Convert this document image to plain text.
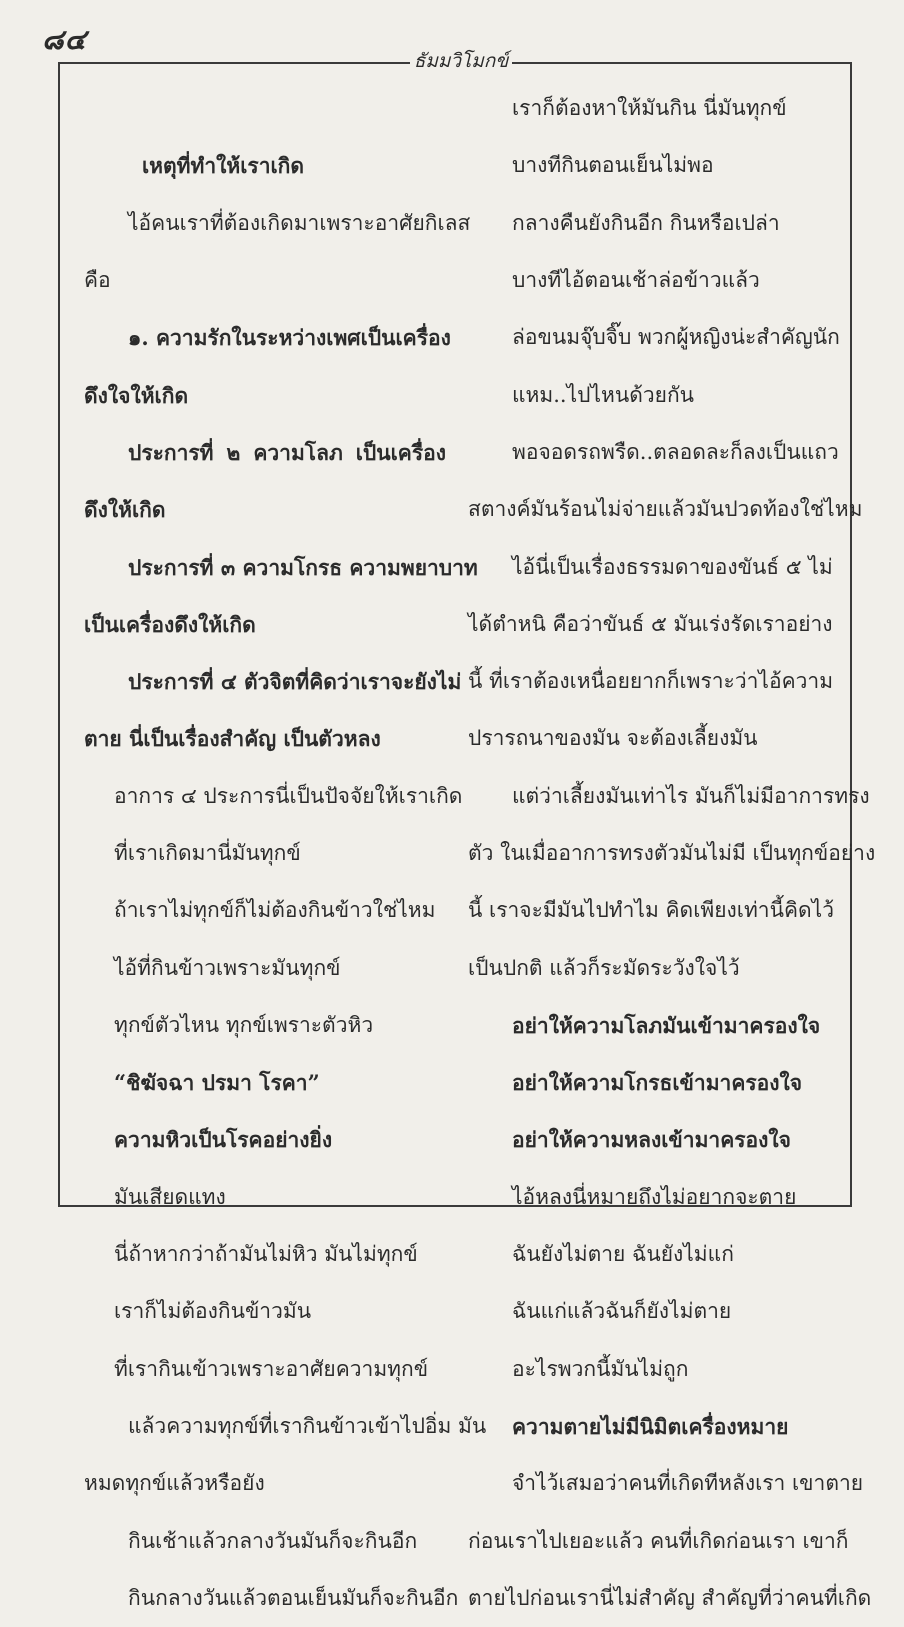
๘๔
ธัมมวิโมกข์
เหตุที่ทำให้เราเกิด
ไอ้คนเราที่ต้องเกิดมาเพราะอาศัยกิเลส
คือ
๑. ความรักในระหว่างเพศเป็นเครื่อง
ดึงใจให้เกิด
ประการที่ ๒ ความโลภ เป็นเครื่อง
ดึงให้เกิด
ประการที่ ๓ ความโกรธ ความพยาบาท
เป็นเครื่องดึงให้เกิด
ประการที่ ๔ ตัวจิตที่คิดว่าเราจะยังไม่
ตาย นี่เป็นเรื่องสำคัญ เป็นตัวหลง
อาการ ๔ ประการนี่เป็นปัจจัยให้เราเกิด
ที่เราเกิดมานี่มันทุกข์
ถ้าเราไม่ทุกข์ก็ไม่ต้องกินข้าวใช่ไหม
ไอ้ที่กินข้าวเพราะมันทุกข์
ทุกข์ตัวไหน ทุกข์เพราะตัวหิว
“ชิฆัจฉา ปรมา โรคา”
ความหิวเป็นโรคอย่างยิ่ง
มันเสียดแทง
นี่ถ้าหากว่าถ้ามันไม่หิว มันไม่ทุกข์
เราก็ไม่ต้องกินข้าวมัน
ที่เรากินเข้าวเพราะอาศัยความทุกข์
แล้วความทุกข์ที่เรากินข้าวเข้าไปอิ่ม มัน
หมดทุกข์แล้วหรือยัง
กินเช้าแล้วกลางวันมันก็จะกินอีก
กินกลางวันแล้วตอนเย็นมันก็จะกินอีก
เราก็ต้องหาให้มันกิน นี่มันทุกข์
บางทีกินตอนเย็นไม่พอ
กลางคืนยังกินอีก กินหรือเปล่า
บางทีไอ้ตอนเช้าล่อข้าวแล้ว
ล่อขนมจุ๊บจิ๊บ พวกผู้หญิงน่ะสำคัญนัก
แหม..ไปไหนด้วยกัน
พอจอดรถพรืด..ตลอดละก็ลงเป็นแถว
สตางค์มันร้อนไม่จ่ายแล้วมันปวดท้องใช่ไหม
ไอ้นี่เป็นเรื่องธรรมดาของขันธ์ ๕ ไม่
ได้ตำหนิ คือว่าขันธ์ ๕ มันเร่งรัดเราอย่าง
นี้ ที่เราต้องเหนื่อยยากก็เพราะว่าไอ้ความ
ปรารถนาของมัน จะต้องเลี้ยงมัน
แต่ว่าเลี้ยงมันเท่าไร มันก็ไม่มีอาการทรง
ตัว ในเมื่ออาการทรงตัวมันไม่มี เป็นทุกข์อย่าง
นี้ เราจะมีมันไปทำไม คิดเพียงเท่านี้คิดไว้
เป็นปกติ แล้วก็ระมัดระวังใจไว้
อย่าให้ความโลภมันเข้ามาครองใจ
อย่าให้ความโกรธเข้ามาครองใจ
อย่าให้ความหลงเข้ามาครองใจ
ไอ้หลงนี่หมายถึงไม่อยากจะตาย
ฉันยังไม่ตาย ฉันยังไม่แก่
ฉันแก่แล้วฉันก็ยังไม่ตาย
อะไรพวกนี้มันไม่ถูก
ความตายไม่มีนิมิตเครื่องหมาย
จำไว้เสมอว่าคนที่เกิดทีหลังเรา เขาตาย
ก่อนเราไปเยอะแล้ว คนที่เกิดก่อนเรา เขาก็
ตายไปก่อนเรานี่ไม่สำคัญ สำคัญที่ว่าคนที่เกิด
